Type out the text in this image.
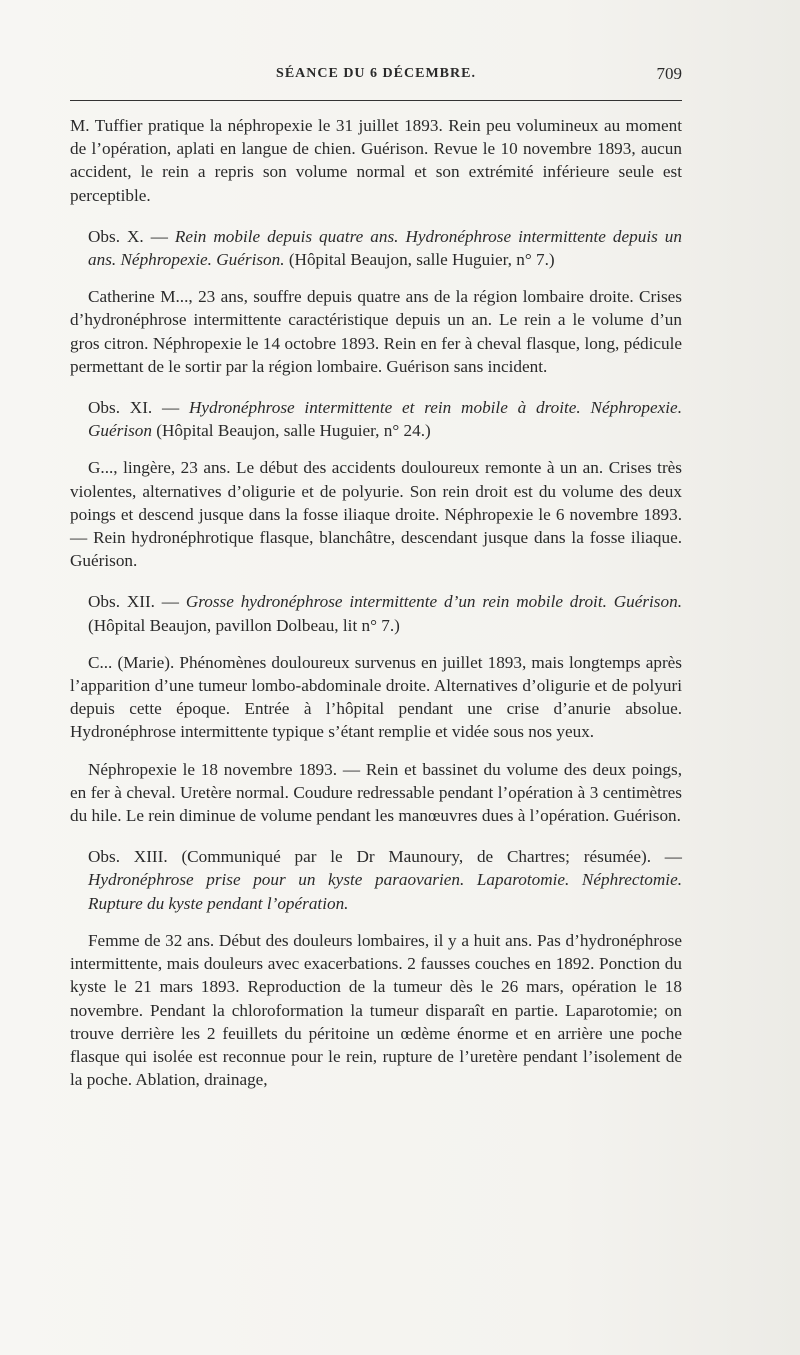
SÉANCE DU 6 DÉCEMBRE.	709

M. Tuffier pratique la néphropexie le 31 juillet 1893. Rein peu volumineux au moment de l’opération, aplati en langue de chien. Guérison. Revue le 10 novembre 1893, aucun accident, le rein a repris son volume normal et son extrémité inférieure seule est perceptible.

Obs. X. — Rein mobile depuis quatre ans. Hydronéphrose intermittente depuis un ans. Néphropexie. Guérison. (Hôpital Beaujon, salle Huguier, n° 7.)

Catherine M..., 23 ans, souffre depuis quatre ans de la région lombaire droite. Crises d’hydronéphrose intermittente caractéristique depuis un an. Le rein a le volume d’un gros citron. Néphropexie le 14 octobre 1893. Rein en fer à cheval flasque, long, pédicule permettant de le sortir par la région lombaire. Guérison sans incident.

Obs. XI. — Hydronéphrose intermittente et rein mobile à droite. Néphropexie. Guérison (Hôpital Beaujon, salle Huguier, n° 24.)

G..., lingère, 23 ans. Le début des accidents douloureux remonte à un an. Crises très violentes, alternatives d’oligurie et de polyurie. Son rein droit est du volume des deux poings et descend jusque dans la fosse iliaque droite. Néphropexie le 6 novembre 1893. — Rein hydronéphrotique flasque, blanchâtre, descendant jusque dans la fosse iliaque. Guérison.

Obs. XII. — Grosse hydronéphrose intermittente d’un rein mobile droit. Guérison. (Hôpital Beaujon, pavillon Dolbeau, lit n° 7.)

C... (Marie). Phénomènes douloureux survenus en juillet 1893, mais longtemps après l’apparition d’une tumeur lombo-abdominale droite. Alternatives d’oligurie et de polyuri depuis cette époque. Entrée à l’hôpital pendant une crise d’anurie absolue. Hydronéphrose intermittente typique s’étant remplie et vidée sous nos yeux.

Néphropexie le 18 novembre 1893. — Rein et bassinet du volume des deux poings, en fer à cheval. Uretère normal. Coudure redressable pendant l’opération à 3 centimètres du hile. Le rein diminue de volume pendant les manœuvres dues à l’opération. Guérison.

Obs. XIII. (Communiqué par le Dr Maunoury, de Chartres; résumée). — Hydronéphrose prise pour un kyste paraovarien. Laparotomie. Néphrectomie. Rupture du kyste pendant l’opération.

Femme de 32 ans. Début des douleurs lombaires, il y a huit ans. Pas d’hydronéphrose intermittente, mais douleurs avec exacerbations. 2 fausses couches en 1892. Ponction du kyste le 21 mars 1893. Reproduction de la tumeur dès le 26 mars, opération le 18 novembre. Pendant la chloroformation la tumeur disparaît en partie. Laparotomie; on trouve derrière les 2 feuillets du péritoine un œdème énorme et en arrière une poche flasque qui isolée est reconnue pour le rein, rupture de l’uretère pendant l’isolement de la poche. Ablation, drainage,
